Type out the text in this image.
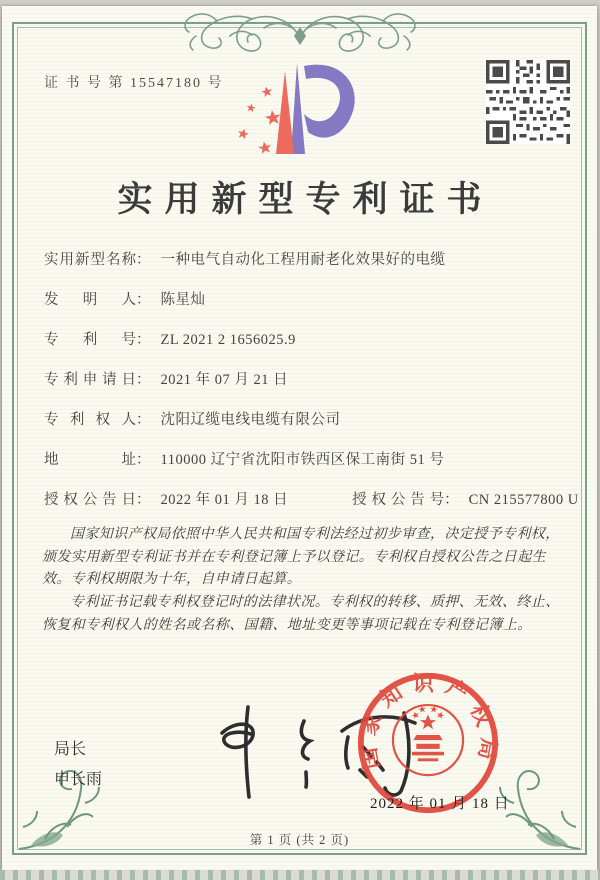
证 书 号 第 15547180 号
实用新型专利证书
实用新型名称： 一种电气自动化工程用耐老化效果好的电缆
发明人： 陈星灿
专利号： ZL 2021 2 1656025.9
专利申请日： 2021 年 07 月 21 日
专利权人： 沈阳辽缆电线电缆有限公司
地址： 110000 辽宁省沈阳市铁西区保工南街 51 号
授权公告日： 2022 年 01 月 18 日	授权公告号： CN 215577800 U

国家知识产权局依照中华人民共和国专利法经过初步审查，决定授予专利权，颁发实用新型专利证书并在专利登记簿上予以登记。专利权自授权公告之日起生效。专利权期限为十年，自申请日起算。

专利证书记载专利权登记时的法律状况。专利权的转移、质押、无效、终止、恢复和专利权人的姓名或名称、国籍、地址变更等事项记载在专利登记簿上。

局长
申长雨
国家知识产权局
2022 年 01 月 18 日
第 1 页 (共 2 页)
